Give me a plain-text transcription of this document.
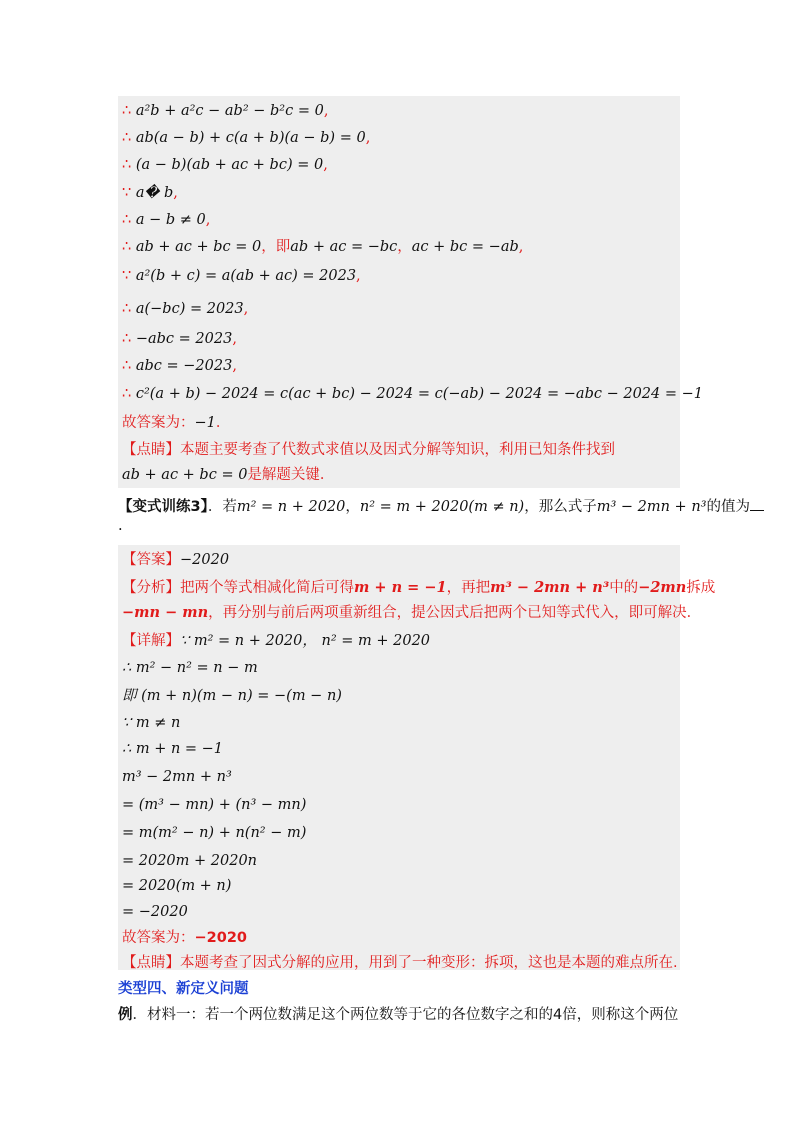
∴ a²b + a²c − ab² − b²c = 0,
∴ ab(a − b) + c(a + b)(a − b) = 0,
∴ (a − b)(ab + ac + bc) = 0,
∵ a� b,
∴ a − b ≠ 0,
∴ ab + ac + bc = 0，即ab + ac = −bc，ac + bc = −ab,
∵ a²(b + c) = a(ab + ac) = 2023,
∴ a(−bc) = 2023,
∴ −abc = 2023,
∴ abc = −2023,
∴ c²(a + b) − 2024 = c(ac + bc) − 2024 = c(−ab) − 2024 = −abc − 2024 = −1
故答案为：−1．
【点睛】本题主要考查了代数式求值以及因式分解等知识，利用已知条件找到
ab + ac + bc = 0是解题关键．
【变式训练3】．若m² = n + 2020，n² = m + 2020(m ≠ n)，那么式子m³ − 2mn + n³的值为
.
【答案】−2020
【分析】把两个等式相减化简后可得m + n = −1，再把m³ − 2mn + n³中的−2mn拆成
−mn − mn，再分别与前后两项重新组合，提公因式后把两个已知等式代入，即可解决．
【详解】∵ m² = n + 2020， n² = m + 2020
∴ m² − n² = n − m
即 (m + n)(m − n) = −(m − n)
∵ m ≠ n
∴ m + n = −1
m³ − 2mn + n³
= (m³ − mn) + (n³ − mn)
= m(m² − n) + n(n² − m)
= 2020m + 2020n
= 2020(m + n)
= −2020
故答案为：−2020
【点睛】本题考查了因式分解的应用，用到了一种变形：拆项，这也是本题的难点所在.
类型四、新定义问题
例．材料一：若一个两位数满足这个两位数等于它的各位数字之和的4倍，则称这个两位
